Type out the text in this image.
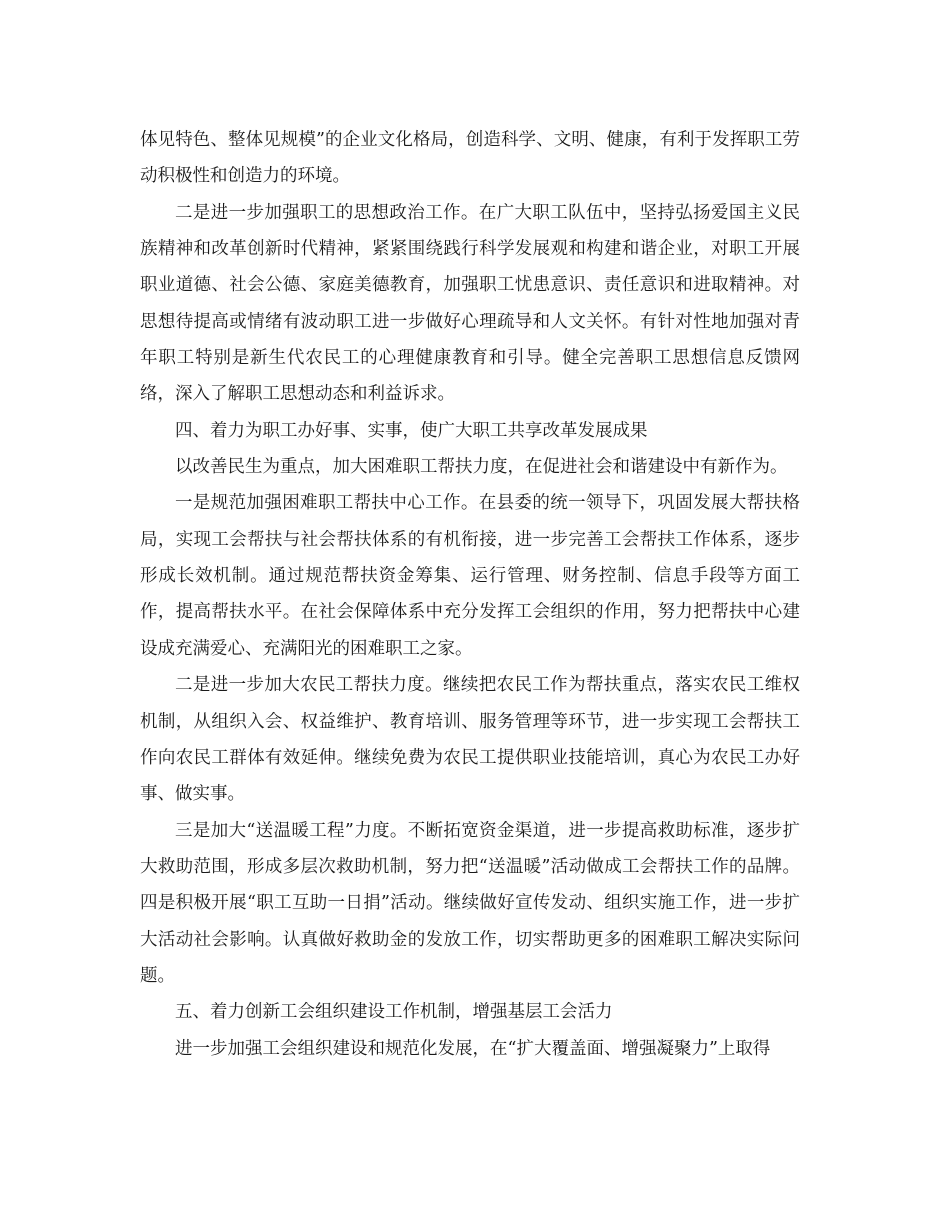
体见特色、整体见规模”的企业文化格局，创造科学、文明、健康，有利于发挥职工劳动积极性和创造力的环境。

二是进一步加强职工的思想政治工作。在广大职工队伍中，坚持弘扬爱国主义民族精神和改革创新时代精神，紧紧围绕践行科学发展观和构建和谐企业，对职工开展职业道德、社会公德、家庭美德教育，加强职工忧患意识、责任意识和进取精神。对思想待提高或情绪有波动职工进一步做好心理疏导和人文关怀。有针对性地加强对青年职工特别是新生代农民工的心理健康教育和引导。健全完善职工思想信息反馈网络，深入了解职工思想动态和利益诉求。

四、着力为职工办好事、实事，使广大职工共享改革发展成果

以改善民生为重点，加大困难职工帮扶力度，在促进社会和谐建设中有新作为。

一是规范加强困难职工帮扶中心工作。在县委的统一领导下，巩固发展大帮扶格局，实现工会帮扶与社会帮扶体系的有机衔接，进一步完善工会帮扶工作体系，逐步形成长效机制。通过规范帮扶资金筹集、运行管理、财务控制、信息手段等方面工作，提高帮扶水平。在社会保障体系中充分发挥工会组织的作用，努力把帮扶中心建设成充满爱心、充满阳光的困难职工之家。

二是进一步加大农民工帮扶力度。继续把农民工作为帮扶重点，落实农民工维权机制，从组织入会、权益维护、教育培训、服务管理等环节，进一步实现工会帮扶工作向农民工群体有效延伸。继续免费为农民工提供职业技能培训，真心为农民工办好事、做实事。

三是加大“送温暖工程”力度。不断拓宽资金渠道，进一步提高救助标准，逐步扩大救助范围，形成多层次救助机制，努力把“送温暖”活动做成工会帮扶工作的品牌。四是积极开展“职工互助一日捐”活动。继续做好宣传发动、组织实施工作，进一步扩大活动社会影响。认真做好救助金的发放工作，切实帮助更多的困难职工解决实际问题。

五、着力创新工会组织建设工作机制，增强基层工会活力

进一步加强工会组织建设和规范化发展，在“扩大覆盖面、增强凝聚力”上取得
